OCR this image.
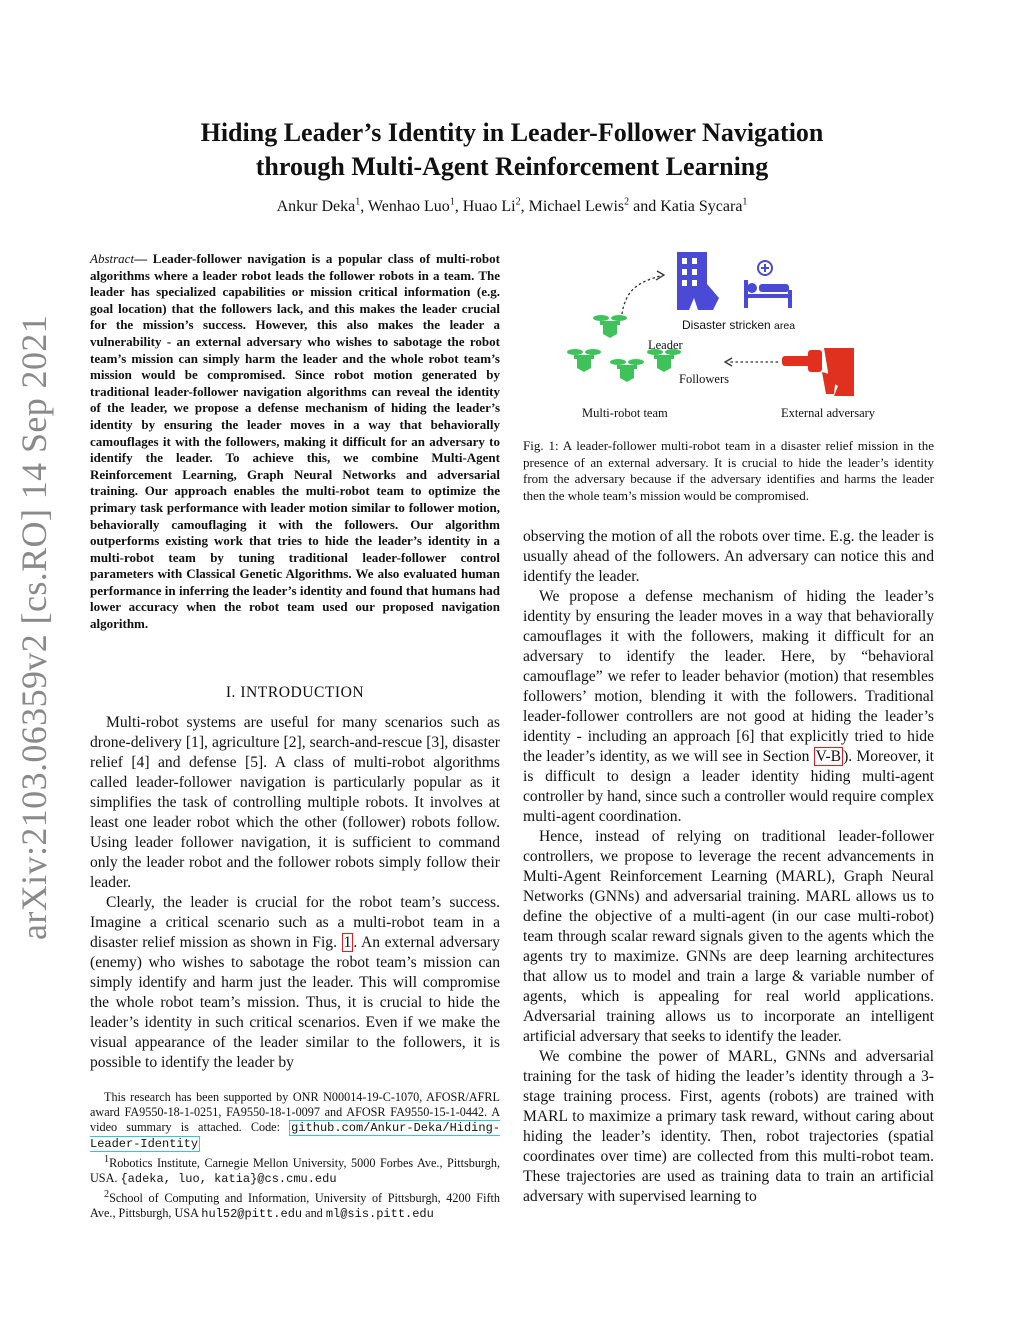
arXiv:2103.06359v2 [cs.RO] 14 Sep 2021
Hiding Leader’s Identity in Leader-Follower Navigation
through Multi-Agent Reinforcement Learning
Ankur Deka$^1$, Wenhao Luo$^1$, Huao Li$^2$, Michael Lewis$^2$ and Katia Sycara$^1$
Abstract— Leader-follower navigation is a popular class of multi-robot algorithms where a leader robot leads the follower robots in a team. The leader has specialized capabilities or mission critical information (e.g. goal location) that the followers lack, and this makes the leader crucial for the mission’s success. However, this also makes the leader a vulnerability - an external adversary who wishes to sabotage the robot team’s mission can simply harm the leader and the whole robot team’s mission would be compromised. Since robot motion generated by traditional leader-follower navigation algorithms can reveal the identity of the leader, we propose a defense mechanism of hiding the leader’s identity by ensuring the leader moves in a way that behaviorally camouflages it with the followers, making it difficult for an adversary to identify the leader. To achieve this, we combine Multi-Agent Reinforcement Learning, Graph Neural Networks and adversarial training. Our approach enables the multi-robot team to optimize the primary task performance with leader motion similar to follower motion, behaviorally camouflaging it with the followers. Our algorithm outperforms existing work that tries to hide the leader’s identity in a multi-robot team by tuning traditional leader-follower control parameters with Classical Genetic Algorithms. We also evaluated human performance in inferring the leader’s identity and found that humans had lower accuracy when the robot team used our proposed navigation algorithm.
I. INTRODUCTION

Multi-robot systems are useful for many scenarios such as drone-delivery [1], agriculture [2], search-and-rescue [3], disaster relief [4] and defense [5]. A class of multi-robot algorithms called leader-follower navigation is particularly popular as it simplifies the task of controlling multiple robots. It involves at least one leader robot which the other (follower) robots follow. Using leader follower navigation, it is sufficient to command only the leader robot and the follower robots simply follow their leader.

Clearly, the leader is crucial for the robot team’s success. Imagine a critical scenario such as a multi-robot team in a disaster relief mission as shown in Fig. 1 . An external adversary (enemy) who wishes to sabotage the robot team’s mission can simply identify and harm just the leader. This will compromise the whole robot team’s mission. Thus, it is crucial to hide the leader’s identity in such critical scenarios. Even if we make the visual appearance of the leader similar to the followers, it is possible to identify the leader by

This research has been supported by ONR N00014-19-C-1070, AFOSR/AFRL award FA9550-18-1-0251, FA9550-18-1-0097 and AFOSR FA9550-15-1-0442. A video summary is attached. Code: github.com/Ankur-Deka/Hiding-Leader-Identity

$^1$Robotics Institute, Carnegie Mellon University, 5000 Forbes Ave., Pittsburgh, USA. {adeka, luo, katia}@cs.cmu.edu

$^2$School of Computing and Information, University of Pittsburgh, 4200 Fifth Ave., Pittsburgh, USA hul52@pitt.edu and ml@sis.pitt.edu

Disaster stricken area
Leader
Followers
Multi-robot team	External adversary
Fig. 1: A leader-follower multi-robot team in a disaster relief mission in the presence of an external adversary. It is crucial to hide the leader’s identity from the adversary because if the adversary identifies and harms the leader then the whole team’s mission would be compromised.

observing the motion of all the robots over time. E.g. the leader is usually ahead of the followers. An adversary can notice this and identify the leader.

We propose a defense mechanism of hiding the leader’s identity by ensuring the leader moves in a way that behaviorally camouflages it with the followers, making it difficult for an adversary to identify the leader. Here, by “behavioral camouflage” we refer to leader behavior (motion) that resembles followers’ motion, blending it with the followers. Traditional leader-follower controllers are not good at hiding the leader’s identity - including an approach [6] that explicitly tried to hide the leader’s identity, as we will see in Section V-B ). Moreover, it is difficult to design a leader identity hiding multi-agent controller by hand, since such a controller would require complex multi-agent coordination.

Hence, instead of relying on traditional leader-follower controllers, we propose to leverage the recent advancements in Multi-Agent Reinforcement Learning (MARL), Graph Neural Networks (GNNs) and adversarial training. MARL allows us to define the objective of a multi-agent (in our case multi-robot) team through scalar reward signals given to the agents which the agents try to maximize. GNNs are deep learning architectures that allow us to model and train a large & variable number of agents, which is appealing for real world applications. Adversarial training allows us to incorporate an intelligent artificial adversary that seeks to identify the leader.

We combine the power of MARL, GNNs and adversarial training for the task of hiding the leader’s identity through a 3-stage training process. First, agents (robots) are trained with MARL to maximize a primary task reward, without caring about hiding the leader’s identity. Then, robot trajectories (spatial coordinates over time) are collected from this multi-robot team. These trajectories are used as training data to train an artificial adversary with supervised learning to
